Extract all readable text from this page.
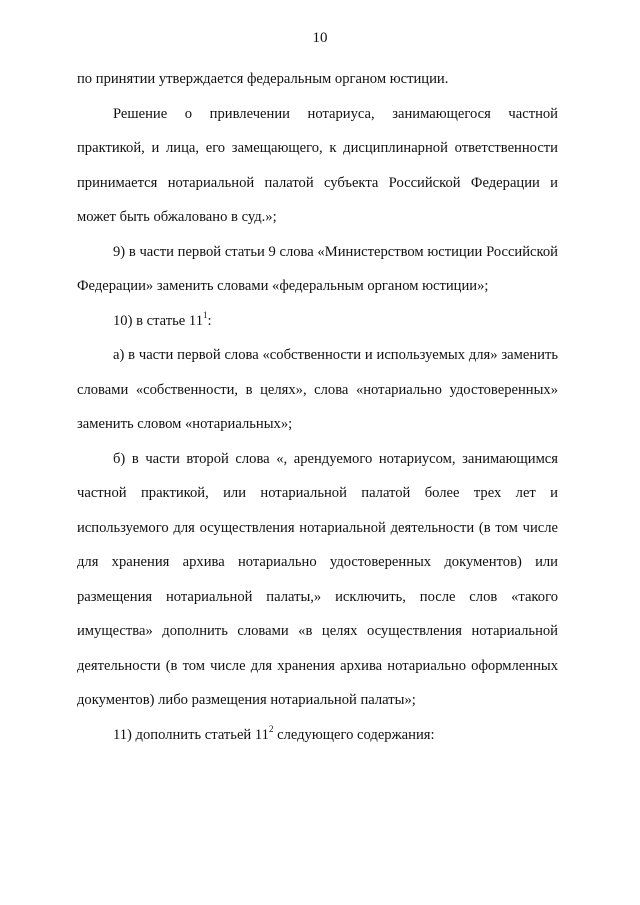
10

по принятии утверждается федеральным органом юстиции.

Решение о привлечении нотариуса, занимающегося частной практикой, и лица, его замещающего, к дисциплинарной ответственности принимается нотариальной палатой субъекта Российской Федерации и может быть обжаловано в суд.»;

9) в части первой статьи 9 слова «Министерством юстиции Российской Федерации» заменить словами «федеральным органом юстиции»;

10) в статье $11^1$:

а) в части первой слова «собственности и используемых для» заменить словами «собственности, в целях», слова «нотариально удостоверенных» заменить словом «нотариальных»;

б) в части второй слова «, арендуемого нотариусом, занимающимся частной практикой, или нотариальной палатой более трех лет и используемого для осуществления нотариальной деятельности (в том числе для хранения архива нотариально удостоверенных документов) или размещения нотариальной палаты,» исключить, после слов «такого имущества» дополнить словами «в целях осуществления нотариальной деятельности (в том числе для хранения архива нотариально оформленных документов) либо размещения нотариальной палаты»;

11) дополнить статьей $11^2$ следующего содержания:
